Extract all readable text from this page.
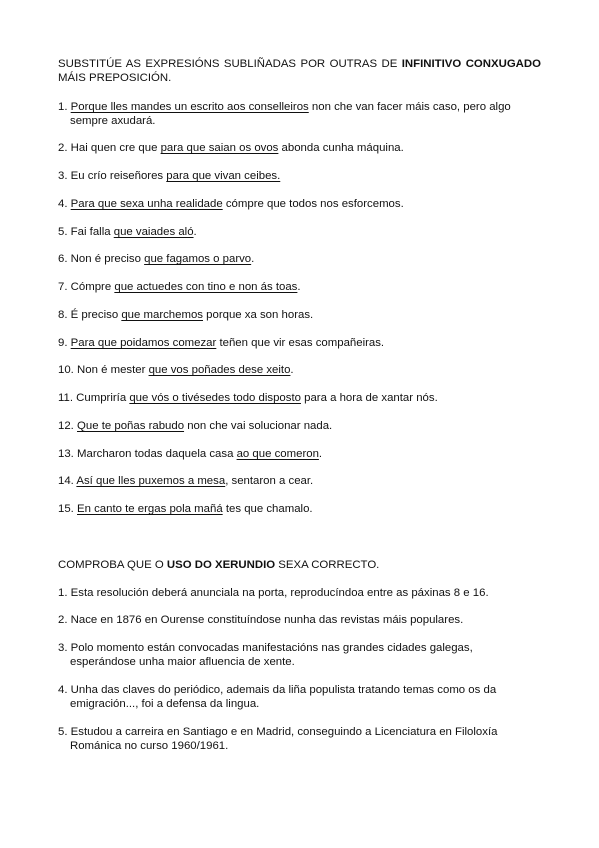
SUBSTITÚE AS EXPRESIÓNS SUBLIÑADAS POR OUTRAS DE INFINITIVO CONXUGADO MÁIS PREPOSICIÓN.
1. Porque lles mandes un escrito aos conselleiros non che van facer máis caso, pero algo
sempre axudará.
2. Hai quen cre que para que saian os ovos abonda cunha máquina.
3. Eu crío reiseñores para que vivan ceibes.
4. Para que sexa unha realidade cómpre que todos nos esforcemos.
5. Fai falla que vaiades aló.
6. Non é preciso que fagamos o parvo.
7. Cómpre que actuedes con tino e non ás toas.
8. É preciso que marchemos porque xa son horas.
9. Para que poidamos comezar teñen que vir esas compañeiras.
10. Non é mester que vos poñades dese xeito.
11. Cumpriría que vós o tivésedes todo disposto para a hora de xantar nós.
12. Que te poñas rabudo non che vai solucionar nada.
13. Marcharon todas daquela casa ao que comeron.
14. Así que lles puxemos a mesa, sentaron a cear.
15. En canto te ergas pola mañá tes que chamalo.
COMPROBA QUE O USO DO XERUNDIO SEXA CORRECTO.
1. Esta resolución deberá anunciala na porta, reproducíndoa entre as páxinas 8 e 16.
2. Nace en 1876 en Ourense constituíndose nunha das revistas máis populares.
3. Polo momento están convocadas manifestacións nas grandes cidades galegas,
esperándose unha maior afluencia de xente.
4. Unha das claves do periódico, ademais da liña populista tratando temas como os da
emigración..., foi a defensa da lingua.
5. Estudou a carreira en Santiago e en Madrid, conseguindo a Licenciatura en Filoloxía
Románica no curso 1960/1961.
